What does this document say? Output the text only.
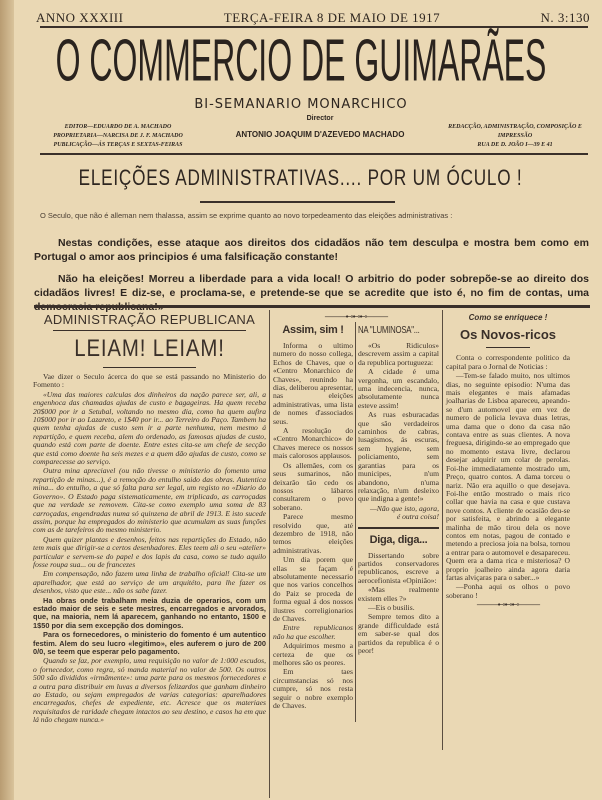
ANNO XXXIII	TERÇA-FEIRA 8 DE MAIO DE 1917	N. 3:130
O COMMERCIO DE GUIMARÃES
BI-SEMANARIO MONARCHICO
Director
ANTONIO JOAQUIM D'AZEVEDO MACHADO
EDITOR—EDUARDO DE A. MACHADO
PROPRIETARIA—NARCISA DE J. F. MACHADO
PUBLICAÇÃO—ÁS TERÇAS E SEXTAS-FEIRAS
REDACÇÃO, ADMINISTRAÇÃO, COMPOSIÇÃO E
IMPRESSÃO
RUA DE D. JOÃO I—39 E 41
ELEIÇÕES ADMINISTRATIVAS.... POR UM ÓCULO !
O Seculo, que não é alleman nem thalassa, assim se exprime quanto ao novo torpedeamento das eleições administrativas :
Nestas condições, esse ataque aos direitos dos cidadãos não tem desculpa e mostra bem como em Portugal o amor aos principios é uma falsificação constante!
Não ha eleições! Morreu a liberdade para a vida local! O arbitrio do poder sobrepõe-se ao direito dos cidadãos livres! E diz-se, e proclama-se, e pretende-se que se acredite que isto é, no fim de contas, uma
ADMINISTRAÇÃO REPUBLICANA
LEIAM! LEIAM!

Vae dizer o Seculo ácerca do que se está passando no Ministerio do Fomento :

«Uma das maiores calculas dos dinheiros da nação parece ser, ali, a engenhoca das chamadas ajudas de custo e bagageiras. Ha quem receba 20$000 por ir a Setubal, voltando no mesmo dia, como ha quem aufira 10$000 por ir ao Lazareto, e 1$40 por ir... ao Terreiro do Paço. Tambem ha quem tenha ajudas de custo sem ir a parte nenhuma, nem mesmo á repartição, e quem receba, alem do ordenado, as famosas ajudas de custo, quando está com parte de doente. Entre estes cita-se um chefe de secção que está como doente ha seis mezes e a quem dão ajudas de custo, como se comparecesse ao serviço.

Outra mina apreciavel (ou não tivesse o ministerio do fomento uma repartição de minas...), é a remoção do entulho saido das obras. Autentica mina... do entulho, a que só falta para ser legal, um registo no «Diario do Governo». O Estado paga sistematicamente, em triplicado, as carroçadas que na verdade se removem. Cita-se como exemplo uma soma de 83 carroçadas, engendradas numa só quinzena de abril de 1913. E isto sucede assim, porque ha empregados do ministerio que acumulam as suas funções com as de tarefeiros do mesmo ministerio.

Quem quizer plantas e desenhos, feitos nas repartições do Estado, não tem mais que dirigir-se a certos desenhadores. Eles teem ali o seu «atelier» particular e servem-se do papel e dos lapis da casa, como se tudo aquilo fosse roupa sua... ou de francezes

Em compensação, não fazem uma linha de trabalho oficial! Cita-se um aparelhador, que está ao serviço de um arquitéto, para lhe fazer os desenhos, visto que este... não os sabe fazer.

Ha obras onde trabalham meia duzia de operarios, com um estado maior de seis e sete mestres, encarregados e arvorados, que, na maioria, nem lá aparecem, ganhando no entanto, 1$00 e 1$50 por dia sem excepção dos domingos.

Para os fornecedores, o ministerio do fomento é um autentico festim. Alem do seu lucro «legitimo», eles auferem o juro de 200 0/0, se teem que esperar pelo pagamento.

Quando se faz, por exemplo, uma requisição no valor de 1:000 escudos, o fornecedor, como regra, só manda material no valor de 500. Os outros 500 são divididos «irmãmente»: uma parte para os mesmos fornecedores e a outra para distribuir em luvas a diversos felizardos que ganham dinheiro ao Estado, ou sejam empregados de varias categorias: aparelhadores encarregados, chefes de expediente, etc. Acresce que os materiaes requisitados de raridade chegam intactos ao seu destino, e casos ha em que lá não chegam nunca.»

———⊷⊷⊷———
Assim, sim !

Informa o ultimo numero do nosso collega, Echos de Chaves, que o «Centro Monarchico de Chaves», reunindo ha dias, deliberou apresentar, nas eleições administrativas, uma lista de nomes d'associados seus.

A resolução do «Centro Monarchico» de Chaves merece os nossos mais calorosos applausos.

Os allemães, com os seus sumarinos, não deixarão tão cedo os nossos lábaros consultarem o povo soberano.

Parece mesmo resolvido que, até dezembro de 1918, não temos eleições administrativas.

Um dia porem que ellas se façam é absolutamente necessario que nos varios concelhos do Paiz se proceda de forma egual á dos nossos ilustres correligionarios de Chaves.

Entre republicanos não ha que escolher.

Adquirimos mesmo a certeza de que os melhores são os peores.

Em taes circumstancias só nos cumpre, só nos resta seguir o nobre exemplo de Chaves.

NA "LUMINOSA"...

«Os Ridiculos» descrevem assim a capital da republica portugueza:

A cidade é uma vergonha, um escandalo, uma indecencia, nunca, absolutamente nunca esteve assim!

As ruas esburacadas que são verdadeiros caminhos de cabras, lusagismos, ás escuras, sem hygiene, sem policiamento, sem garantias para os municipes, n'um abandono, n'uma relaxação, n'um desleixo que indigna a gente!»

—Não que isto, agora, é outra coisa!

Diga, diga...

Dissertando sobre partidos conservadores republicanos, escreve a aerocefionista «Opinião»:

«Mas realmente existem elles ?»

—Eis o busilis.

Sempre temos dito a grande difficuldade está em saber-se qual dos partidos da republica é o peor!

Como se enriquece !
Os Novos-ricos

Conta o correspondente politico da capital para o Jornal de Noticias :

—Tem-se falado muito, nos ultimos dias, no seguinte episodio: N'uma das mais elegantes e mais afamadas joalharias de Lisboa apareceu, apeando-se d'um automovel que em vez de numero de policia levava duas letras, uma dama que o dono da casa não contava entre as suas clientes. A nova freguesa, dirigindo-se ao empregado que no momento estava livre, declarou desejar adquirir um colar de perolas. Foi-lhe immediatamente mostrado um, Preço, quatro contos. A dama torceu o nariz. Não era aquillo o que desejava. Foi-lhe então mostrado o mais rico collar que havia na casa e que custava nove contos. A cliente de ocasião deu-se por satisfeita, e abrindo a elegante malinha de mão tirou dela os nove contos em notas, pagou de contado e metendo a preciosa joia na bolsa, tornou a entrar para o automovel e desapareceu. Quem era a dama rica e misteriosa? O proprio joalheiro ainda agora daria fartas alviçaras para o saber...»

—Ponha aqui os olhos o povo soberano !

———⊷⊷⊷———
